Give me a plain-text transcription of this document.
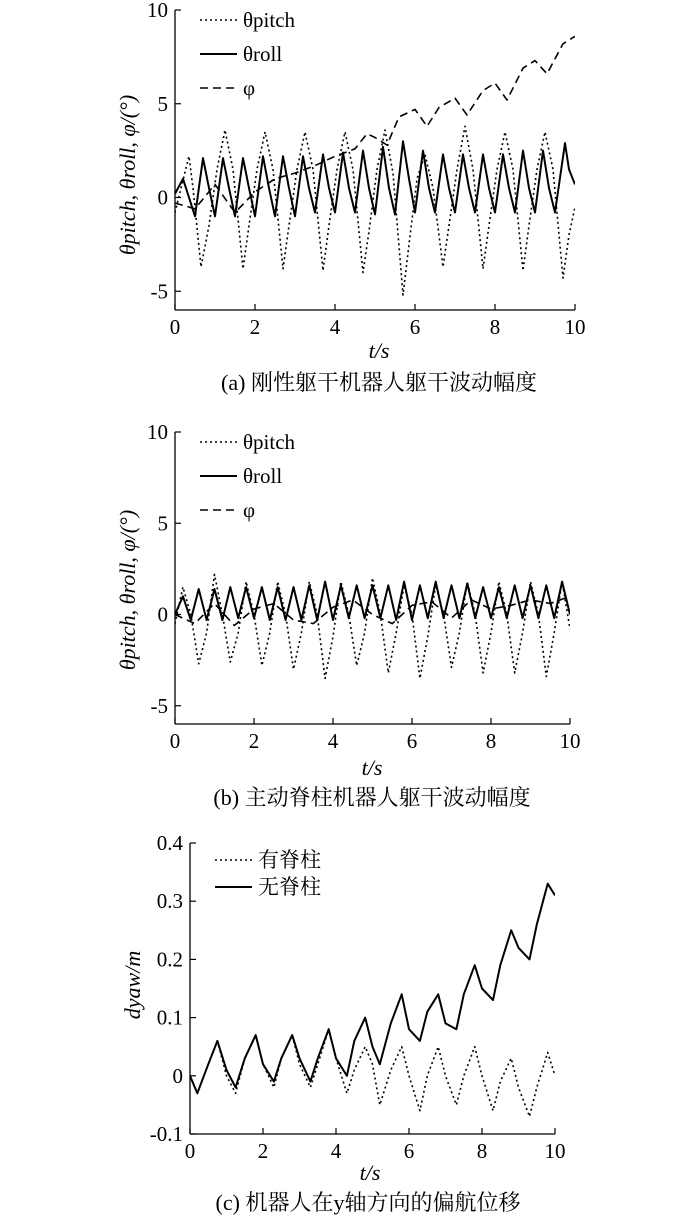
0	2	4	6	8	10
-5
0
5
10	θpitch
θroll
φ
t/s
θpitch, θroll, φ/(°)
(a) 刚性躯干机器人躯干波动幅度
0	2	4	6	8	10
-5
0
5
10	θpitch
θroll
φ
t/s
θpitch, θroll, φ/(°)
(b) 主动脊柱机器人躯干波动幅度
0	2	4	6	8	10
-0.1
0
0.1
0.2
0.3
0.4
有脊柱
无脊柱
t/s
dyaw/m
(c) 机器人在y轴方向的偏航位移
